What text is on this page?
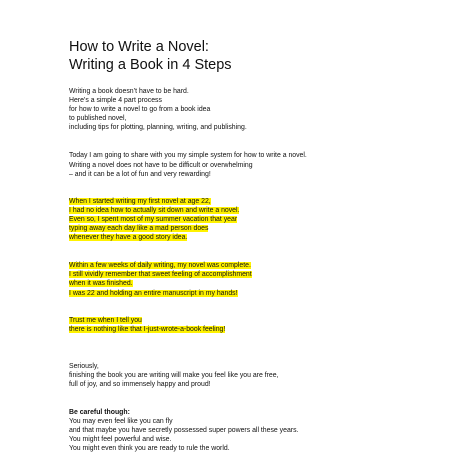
How to Write a Novel:
Writing a Book in 4 Steps

Writing a book doesn’t have to be hard.
Here’s a simple 4 part process
for how to write a novel to go from a book idea
to published novel,
including tips for plotting, planning, writing, and publishing.

Today I am going to share with you my simple system for how to write a novel.
Writing a novel does not have to be difficult or overwhelming
– and it can be a lot of fun and very rewarding!

When I started writing my first novel at age 22,
I had no idea how to actually sit down and write a novel.
Even so, I spent most of my summer vacation that year
typing away each day like a mad person does
whenever they have a good story idea.

Within a few weeks of daily writing, my novel was complete.
I still vividly remember that sweet feeling of accomplishment
when it was finished.
I was 22 and holding an entire manuscript in my hands!

Trust me when I tell you
there is nothing like that I-just-wrote-a-book feeling!

Seriously,
finishing the book you are writing will make you feel like you are free,
full of joy, and so immensely happy and proud!

Be careful though:
You may even feel like you can fly
and that maybe you have secretly possessed super powers all these years.
You might feel powerful and wise.
You might even think you are ready to rule the world.
